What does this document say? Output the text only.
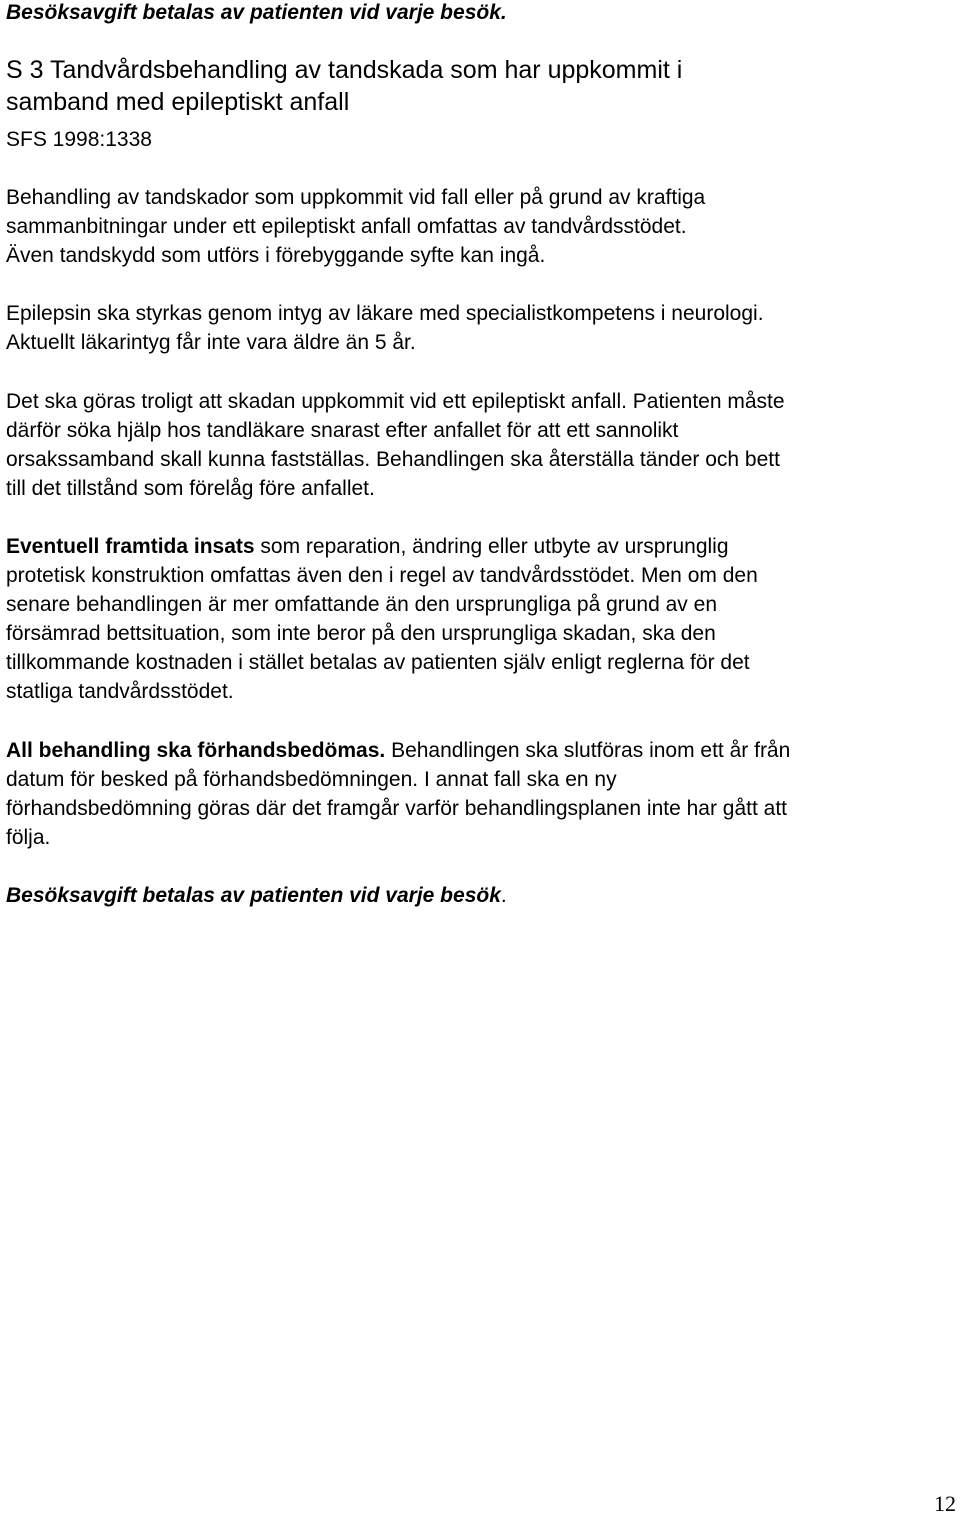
Besöksavgift betalas av patienten vid varje besök.
S 3 Tandvårdsbehandling av tandskada som har uppkommit i
samband med epileptiskt anfall
SFS 1998:1338
Behandling av tandskador som uppkommit vid fall eller på grund av kraftiga
sammanbitningar under ett epileptiskt anfall omfattas av tandvårdsstödet.
Även tandskydd som utförs i förebyggande syfte kan ingå.
Epilepsin ska styrkas genom intyg av läkare med specialistkompetens i neurologi.
Aktuellt läkarintyg får inte vara äldre än 5 år.
Det ska göras troligt att skadan uppkommit vid ett epileptiskt anfall. Patienten måste
därför söka hjälp hos tandläkare snarast efter anfallet för att ett sannolikt
orsakssamband skall kunna fastställas. Behandlingen ska återställa tänder och bett
till det tillstånd som förelåg före anfallet.
Eventuell framtida insats som reparation, ändring eller utbyte av ursprunglig
protetisk konstruktion omfattas även den i regel av tandvårdsstödet. Men om den
senare behandlingen är mer omfattande än den ursprungliga på grund av en
försämrad bettsituation, som inte beror på den ursprungliga skadan, ska den
tillkommande kostnaden i stället betalas av patienten själv enligt reglerna för det
statliga tandvårdsstödet.
All behandling ska förhandsbedömas. Behandlingen ska slutföras inom ett år från
datum för besked på förhandsbedömningen. I annat fall ska en ny
förhandsbedömning göras där det framgår varför behandlingsplanen inte har gått att
följa.
Besöksavgift betalas av patienten vid varje besök.
12
